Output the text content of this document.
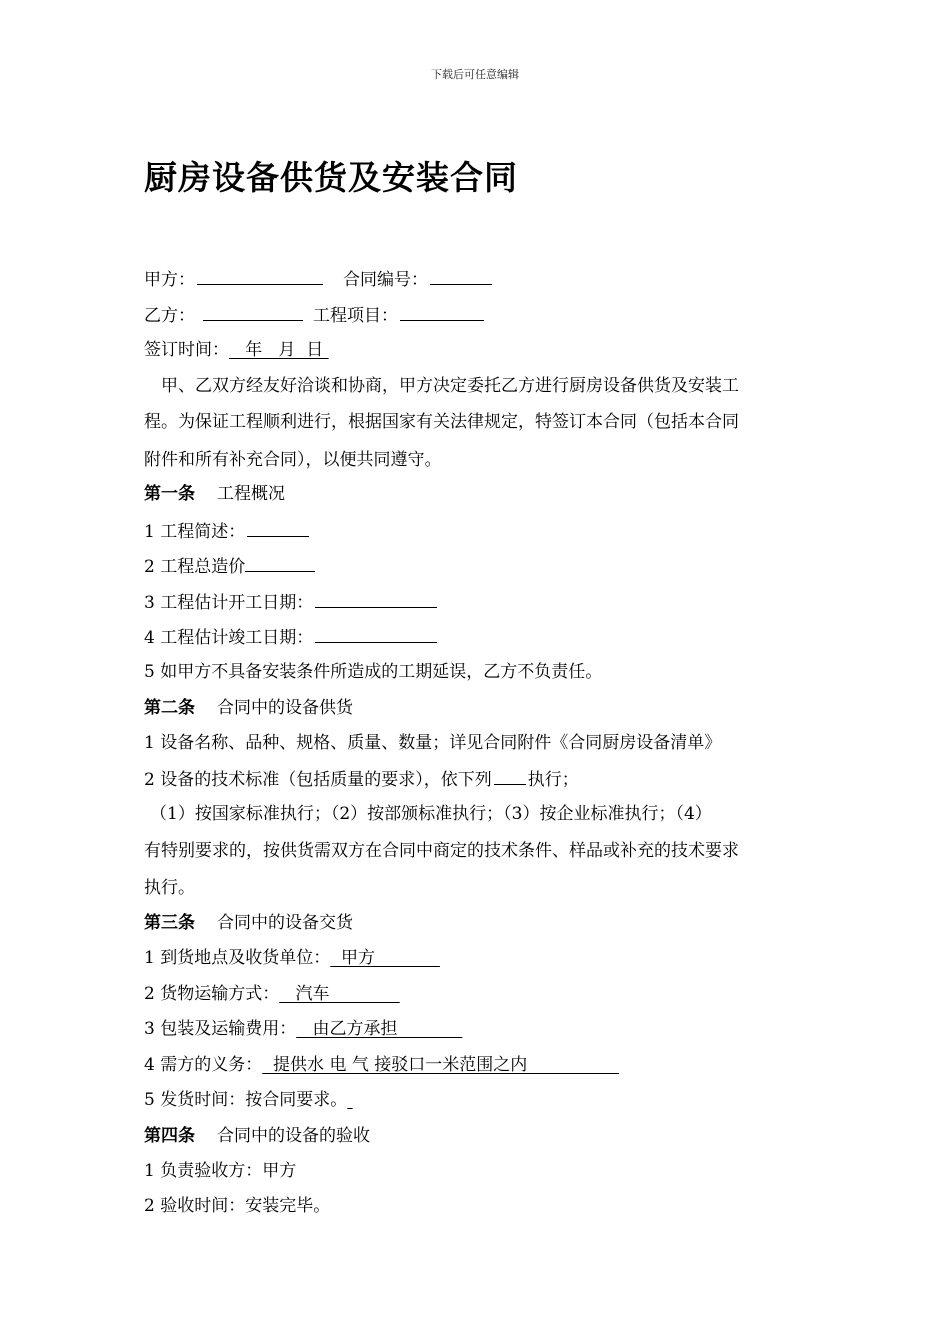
下载后可任意编辑
厨房设备供货及安装合同
甲方：	合同编号：
乙方：	工程项目：
签订时间：   年   月  日
甲、乙双方经友好洽谈和协商，甲方决定委托乙方进行厨房设备供货及安装工
程。为保证工程顺利进行，根据国家有关法律规定，特签订本合同（包括本合同
附件和所有补充合同），以便共同遵守。
第一条 工程概况
1 工程简述：
2 工程总造价
3 工程估计开工日期：
4 工程估计竣工日期：
5 如甲方不具备安装条件所造成的工期延误，乙方不负责任。
第二条 合同中的设备供货
1 设备名称、品种、规格、质量、数量；详见合同附件《合同厨房设备清单》
2 设备的技术标准（包括质量的要求），依下列 执行；
（1）按国家标准执行；（2）按部颁标准执行；（3）按企业标准执行；（4）
有特别要求的，按供货需双方在合同中商定的技术条件、样品或补充的技术要求
执行。
第三条 合同中的设备交货
1 到货地点及收货单位：  甲方
2 货物运输方式：   汽车
3 包装及运输费用：   由乙方承担
4 需方的义务：  提供水 电 气 接驳口一米范围之内
5 发货时间：按合同要求。
第四条 合同中的设备的验收
1 负责验收方：甲方
2 验收时间：安装完毕。
